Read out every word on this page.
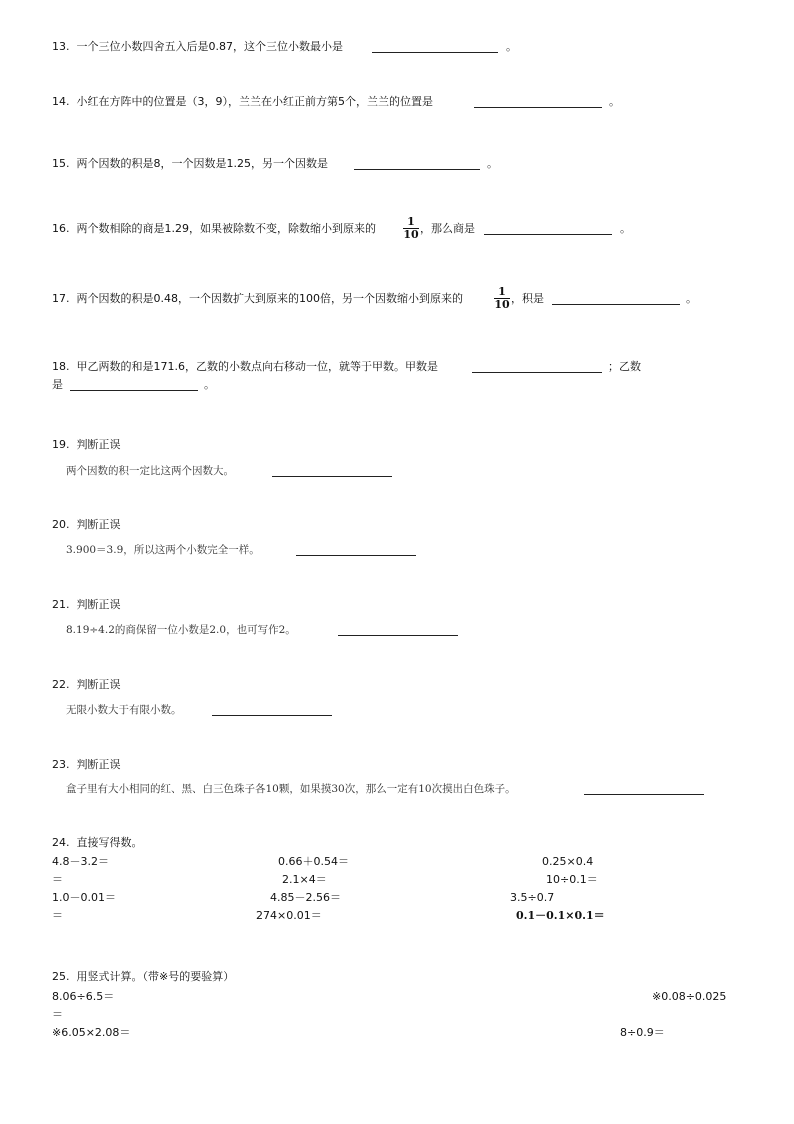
13. 一个三位小数四舍五入后是0.87，这个三位小数最小是	。
14. 小红在方阵中的位置是（3，9），兰兰在小红正前方第5个，兰兰的位置是	。
15. 两个因数的积是8，一个因数是1.25，另一个因数是	。
16. 两个数相除的商是1.29，如果被除数不变，除数缩小到原来的 $\frac{1}{10}$ ，那么商是	。
17. 两个因数的积是0.48，一个因数扩大到原来的100倍，另一个因数缩小到原来的	$\frac{1}{10}$ ，积是	。
18. 甲乙两数的和是171.6，乙数的小数点向右移动一位，就等于甲数。甲数是	；乙数
是	。
19. 判断正误
两个因数的积一定比这两个因数大。
20. 判断正误
3.900＝3.9，所以这两个小数完全一样。
21. 判断正误
8.19÷4.2的商保留一位小数是2.0，也可写作2。
22. 判断正误
无限小数大于有限小数。
23. 判断正误
盒子里有大小相同的红、黑、白三色珠子各10颗，如果摸30次，那么一定有10次摸出白色珠子。
24. 直接写得数。
4.8－3.2＝	0.66＋0.54＝	0.25×0.4
＝	2.1×4＝	10÷0.1＝
1.0－0.01＝	4.85－2.56＝	3.5÷0.7
＝	274×0.01＝	0.1－0.1×0.1＝
25. 用竖式计算。（带※号的要验算）
8.06÷6.5＝	※0.08÷0.025
＝
※6.05×2.08＝	8÷0.9＝
